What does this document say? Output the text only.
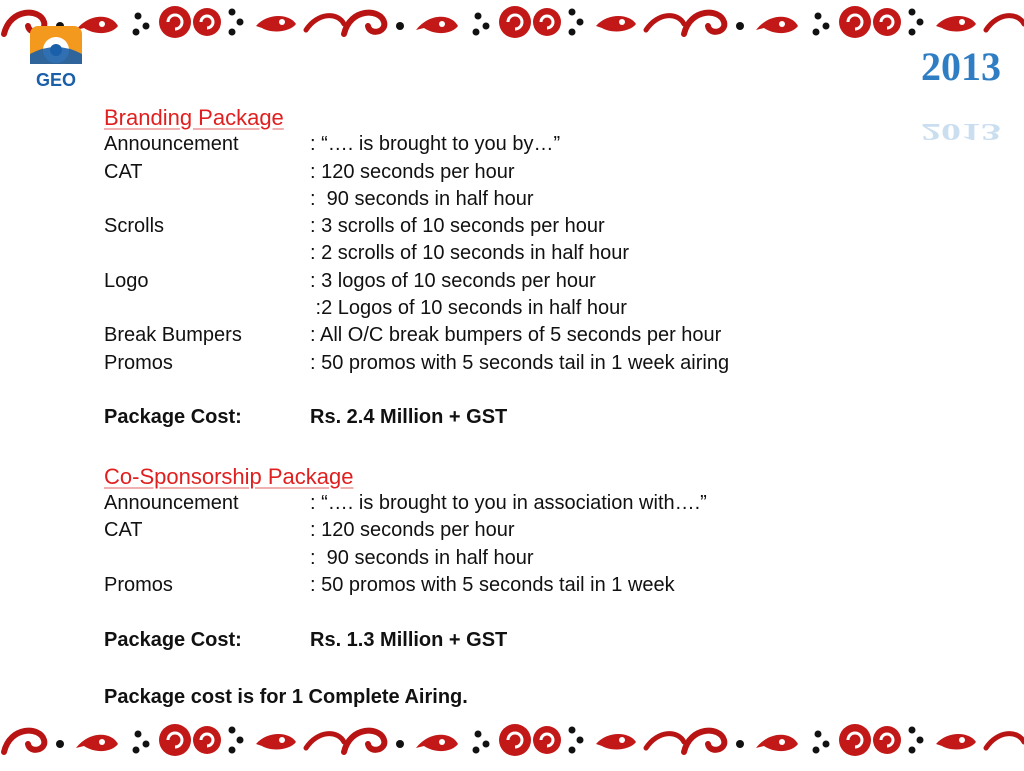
GEO	2013
2013
Branding Package
Announcement	: “…. is brought to you by…”
CAT	: 120 seconds per hour
:  90 seconds in half hour
Scrolls	: 3 scrolls of 10 seconds per hour
: 2 scrolls of 10 seconds in half hour
Logo	: 3 logos of 10 seconds per hour
:2 Logos of 10 seconds in half hour
Break Bumpers	: All O/C break bumpers of 5 seconds per hour
Promos	: 50 promos with 5 seconds tail in 1 week airing
Package Cost:	Rs. 2.4 Million + GST
Co-Sponsorship Package
Announcement	: “…. is brought to you in association with….”
CAT	: 120 seconds per hour
:  90 seconds in half hour
Promos	: 50 promos with 5 seconds tail in 1 week
Package Cost:	Rs. 1.3 Million + GST
Package cost is for 1 Complete Airing.
